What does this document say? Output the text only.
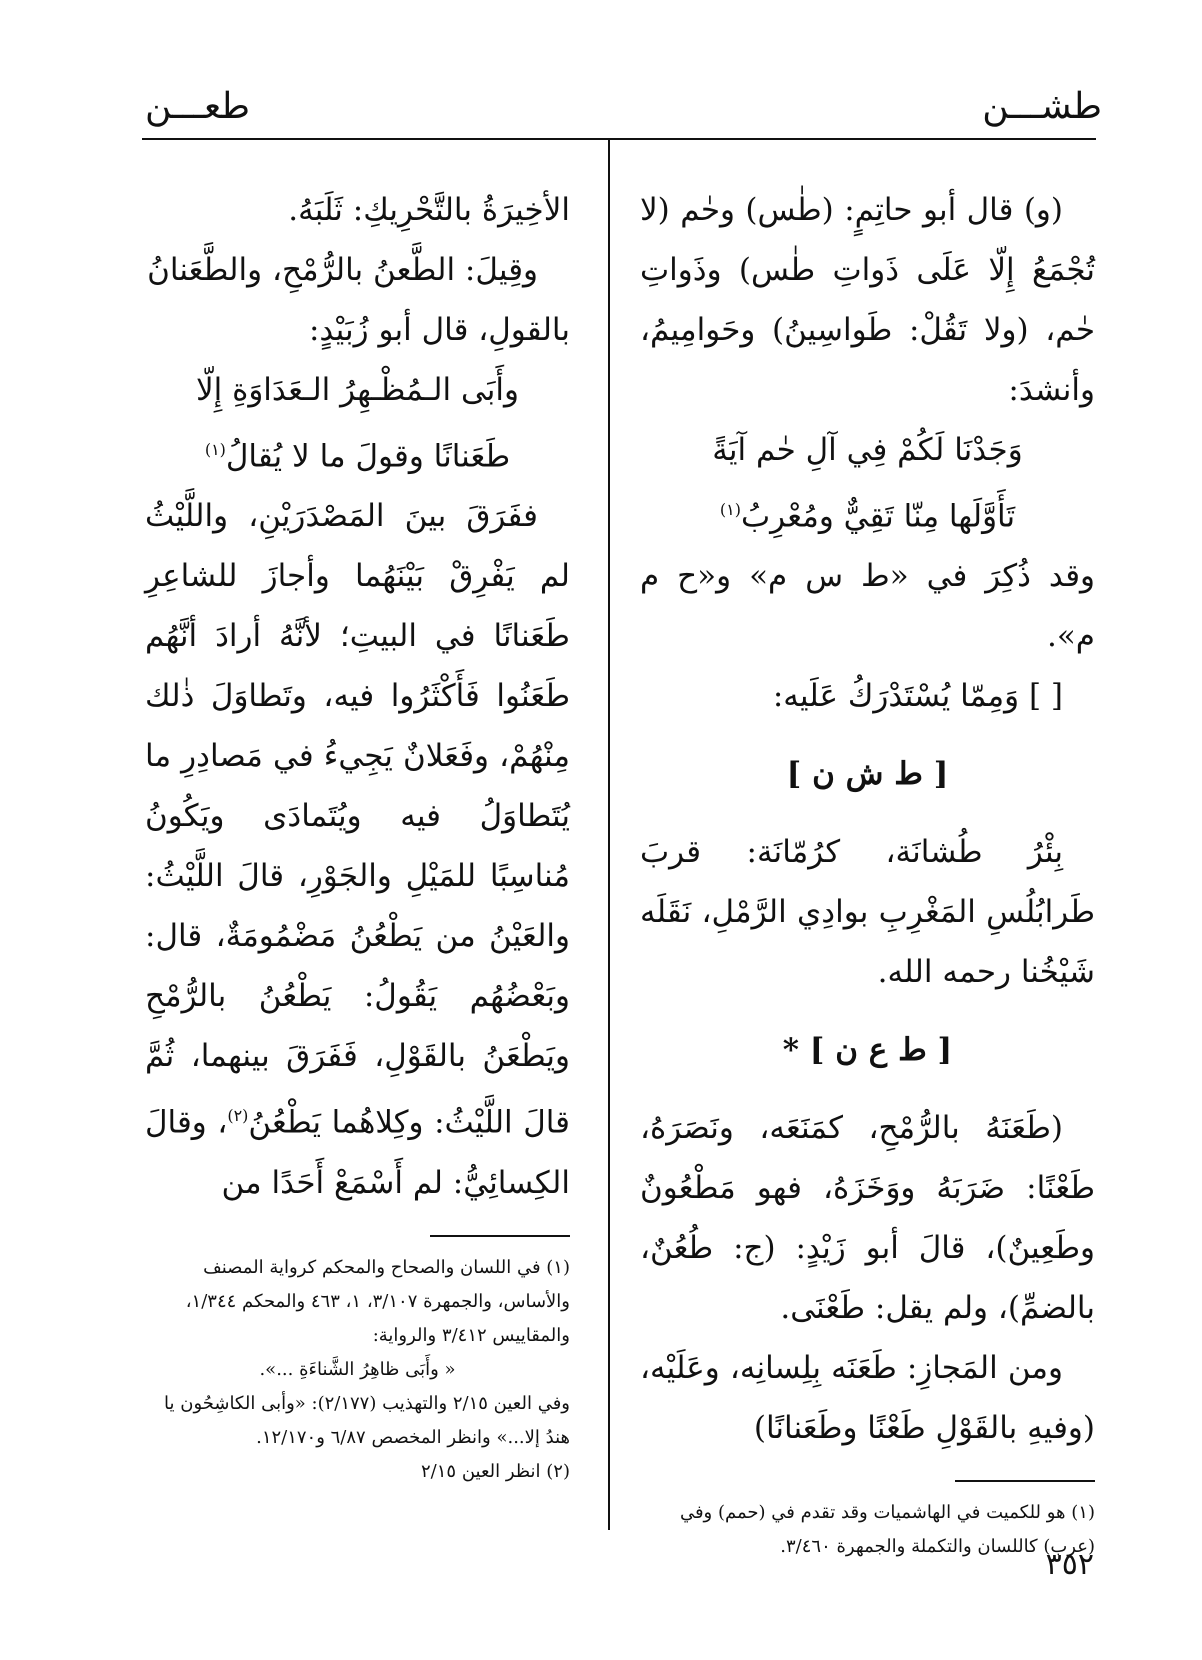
طعـــن	طشـــن

(و) قال أبو حاتِمٍ: (طٰس) وحٰم (لا تُجْمَعُ إِلّا عَلَى ذَواتِ طٰس) وذَواتِ حٰم، (ولا تَقُلْ: طَواسِينُ) وحَوامِيمُ، وأنشدَ:

وَجَدْنَا لَكُمْ فِي آلِ حٰم آيَةً

تَأَوَّلَها مِنّا تَقِيٌّ ومُعْرِبُ$^{(١)}$

وقد ذُكِرَ في «ط س م» و«ح م م».

[ ] وَمِمّا يُسْتَدْرَكُ عَلَيه:

[ ط ش ن ]

بِئْرُ طُشانَة، كرُمّانَة: قربَ طَرابُلُسِ المَغْرِبِ بوادِي الرَّمْلِ، نَقَلَه شَيْخُنا رحمه الله.

[ ط ع ن ] *

(طَعَنَهُ بالرُّمْحِ، كمَنَعَه، ونَصَرَهُ، طَعْنًا: ضَرَبَهُ ووَخَزَهُ، فهو مَطْعُونٌ وطَعِينٌ)، قالَ أبو زَيْدٍ: (ج: طُعُنٌ، بالضمِّ)، ولم يقل: طَعْنَى.

ومن المَجازِ: طَعَنَه بِلِسانِه، وعَلَيْه، (وفيهِ بالقَوْلِ طَعْنًا وطَعَنانًا)

(١) هو للكميت في الهاشميات وقد تقدم في (حمم) وفي (عرب) كاللسان والتكملة والجمهرة ٣/٤٦٠.

الأخِيرَةُ بالتَّحْرِيكِ: ثَلَبَهُ.

وقِيلَ: الطَّعنُ بالرُّمْحِ، والطَّعَنانُ

بالقولِ، قال أبو زُبَيْدٍ:

وأَبَى الـمُظْـهِرُ الـعَدَاوَةِ إِلّا

طَعَنانًا وقولَ ما لا يُقالُ$^{(١)}$

ففَرَقَ بينَ المَصْدَرَيْنِ، واللَّيْثُ لم يَفْرِقْ بَيْنَهُما وأجازَ للشاعِرِ طَعَنانًا في البيتِ؛ لأنَّهُ أرادَ أنَّهُم طَعَنُوا فَأَكْثَرُوا فيه، وتَطاوَلَ ذٰلك مِنْهُمْ، وفَعَلانٌ يَجِيءُ في مَصادِرِ ما يُتَطاوَلُ فيه ويُتَمادَى ويَكُونُ مُناسِبًا للمَيْلِ والجَوْرِ، قالَ اللَّيْثُ: والعَيْنُ من يَطْعُنُ مَضْمُومَةٌ، قال: وبَعْضُهُم يَقُولُ: يَطْعُنُ بالرُّمْحِ ويَطْعَنُ بالقَوْلِ، فَفَرَقَ بينهما، ثُمَّ قالَ اللَّيْثُ: وكِلاهُما يَطْعُنُ$^{(٢)}$، وقالَ الكِسائِيُّ: لم أَسْمَعْ أَحَدًا من

(١) في اللسان والصحاح والمحكم كرواية المصنف والأساس، والجمهرة ٣/١٠٧، ١، ٤٦٣ والمحكم ١/٣٤٤، والمقاييس ٣/٤١٢ والرواية:

« وأَبَى ظاهِرُ الشَّناءَةِ ...».

وفي العين ٢/١٥ والتهذيب (٢/١٧٧): «وأبى الكاشِحُون يا هندُ إلا...» وانظر المخصص ٦/٨٧ و١٢/١٧٠.

(٢) انظر العين ٢/١٥

٣٥٢
